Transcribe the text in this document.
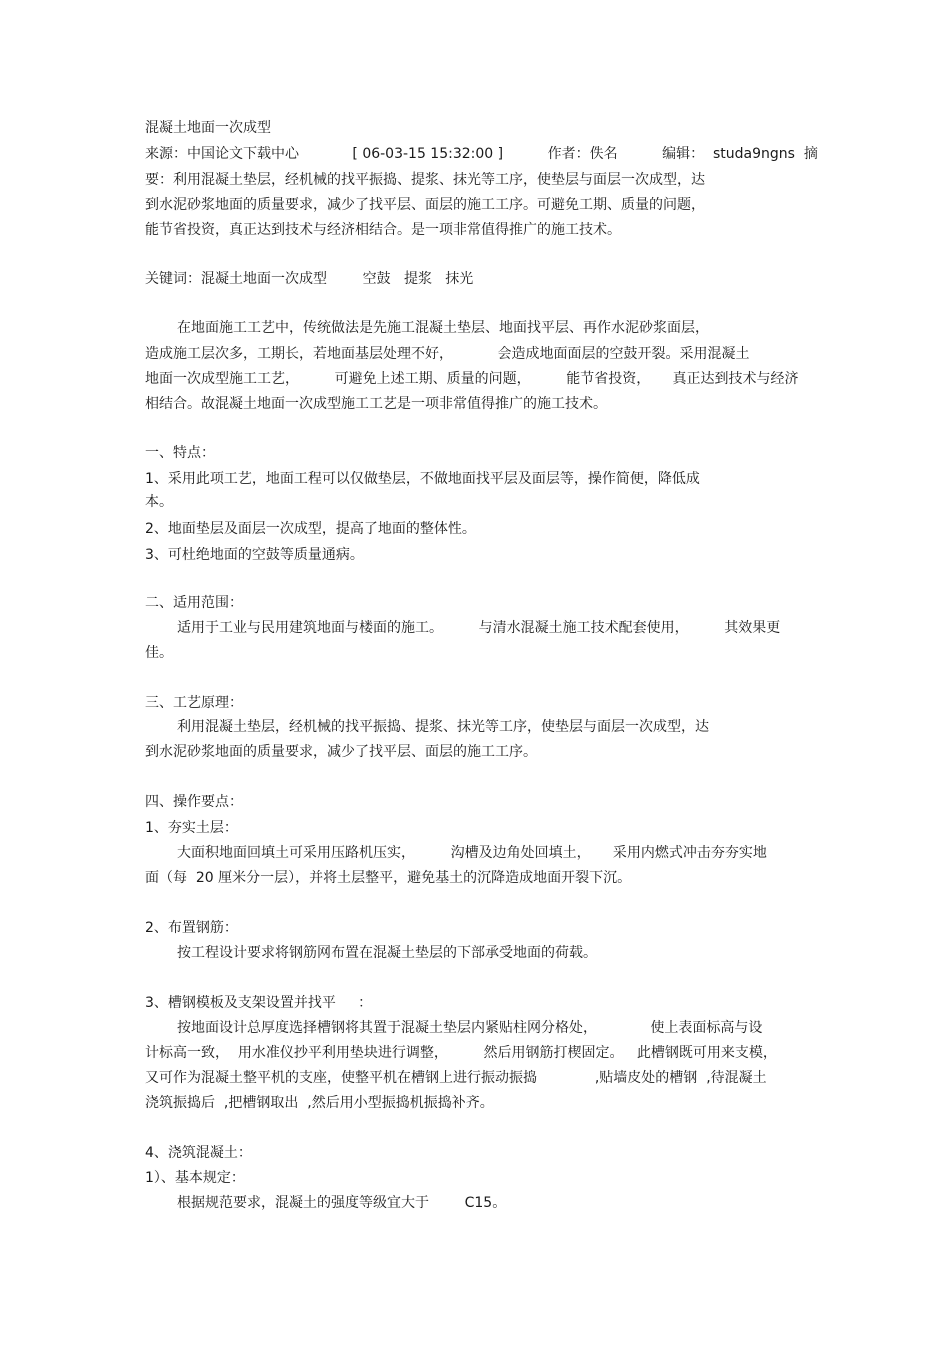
混凝土地面一次成型
来源：中国论文下载中心            [ 06-03-15 15:32:00 ]          作者：佚名          编辑：  studa9ngns  摘
要：利用混凝土垫层，经机械的找平振捣、提浆、抹光等工序，使垫层与面层一次成型，达
到水泥砂浆地面的质量要求，减少了找平层、面层的施工工序。可避免工期、质量的问题，
能节省投资，真正达到技术与经济相结合。是一项非常值得推广的施工技术。
关键词：混凝土地面一次成型        空鼓   提浆   抹光
在地面施工工艺中，传统做法是先施工混凝土垫层、地面找平层、再作水泥砂浆面层，
造成施工层次多，工期长，若地面基层处理不好，          会造成地面面层的空鼓开裂。采用混凝土
地面一次成型施工工艺，        可避免上述工期、质量的问题，        能节省投资，     真正达到技术与经济
相结合。故混凝土地面一次成型施工工艺是一项非常值得推广的施工技术。
一、特点：
1、采用此项工艺，地面工程可以仅做垫层，不做地面找平层及面层等，操作简便，降低成
本。
2、地面垫层及面层一次成型，提高了地面的整体性。
3、可杜绝地面的空鼓等质量通病。
二、适用范围：
适用于工业与民用建筑地面与楼面的施工。        与清水混凝土施工技术配套使用，        其效果更
佳。
三、工艺原理：
利用混凝土垫层，经机械的找平振捣、提浆、抹光等工序，使垫层与面层一次成型，达
到水泥砂浆地面的质量要求，减少了找平层、面层的施工工序。
四、操作要点：
1、夯实土层：
大面积地面回填土可采用压路机压实，        沟槽及边角处回填土，     采用内燃式冲击夯夯实地
面（每  20 厘米分一层），并将土层整平，避免基土的沉降造成地面开裂下沉。
2、布置钢筋：
按工程设计要求将钢筋网布置在混凝土垫层的下部承受地面的荷载。
3、槽钢模板及支架设置并找平     ：
按地面设计总厚度选择槽钢将其置于混凝土垫层内紧贴柱网分格处，            使上表面标高与设
计标高一致，  用水准仪抄平利用垫块进行调整，        然后用钢筋打楔固定。   此槽钢既可用来支模，
又可作为混凝土整平机的支座，使整平机在槽钢上进行振动振捣             ,贴墙皮处的槽钢  ,待混凝土
浇筑振捣后  ,把槽钢取出  ,然后用小型振捣机振捣补齐。
4、浇筑混凝土：
1）、基本规定：
根据规范要求，混凝土的强度等级宜大于        C15。
